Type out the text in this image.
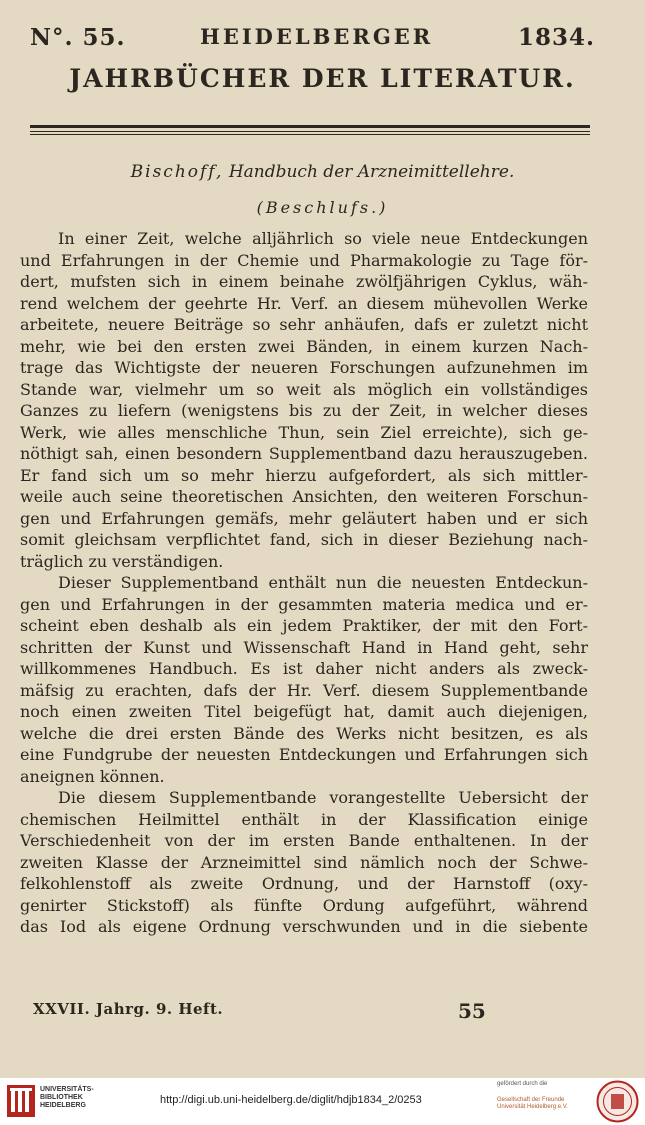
N°. 55.	HEIDELBERGER	1834.
JAHRBÜCHER DER LITERATUR.
Bischoff, Handbuch der Arzneimittellehre.
(Beschlufs.)
In einer Zeit, welche alljährlich so viele neue Entdeckungen
und Erfahrungen in der Chemie und Pharmakologie zu Tage för-
dert, mufsten sich in einem beinahe zwölfjährigen Cyklus, wäh-
rend welchem der geehrte Hr. Verf. an diesem mühevollen Werke
arbeitete, neuere Beiträge so sehr anhäufen, dafs er zuletzt nicht
mehr, wie bei den ersten zwei Bänden, in einem kurzen Nach-
trage das Wichtigste der neueren Forschungen aufzunehmen im
Stande war, vielmehr um so weit als möglich ein vollständiges
Ganzes zu liefern (wenigstens bis zu der Zeit, in welcher dieses
Werk, wie alles menschliche Thun, sein Ziel erreichte), sich ge-
nöthigt sah, einen besondern Supplementband dazu herauszugeben.
Er fand sich um so mehr hierzu aufgefordert, als sich mittler-
weile auch seine theoretischen Ansichten, den weiteren Forschun-
gen und Erfahrungen gemäfs, mehr geläutert haben und er sich
somit gleichsam verpflichtet fand, sich in dieser Beziehung nach-
träglich zu verständigen.
Dieser Supplementband enthält nun die neuesten Entdeckun-
gen und Erfahrungen in der gesammten materia medica und er-
scheint eben deshalb als ein jedem Praktiker, der mit den Fort-
schritten der Kunst und Wissenschaft Hand in Hand geht, sehr
willkommenes Handbuch. Es ist daher nicht anders als zweck-
mäfsig zu erachten, dafs der Hr. Verf. diesem Supplementbande
noch einen zweiten Titel beigefügt hat, damit auch diejenigen,
welche die drei ersten Bände des Werks nicht besitzen, es als
eine Fundgrube der neuesten Entdeckungen und Erfahrungen sich
aneignen können.
Die diesem Supplementbande vorangestellte Uebersicht der
chemischen Heilmittel enthält in der Klassification einige
Verschiedenheit von der im ersten Bande enthaltenen. In der
zweiten Klasse der Arzneimittel sind nämlich noch der Schwe-
felkohlenstoff als zweite Ordnung, und der Harnstoff (oxy-
genirter Stickstoff) als fünfte Ordung aufgeführt, während
das Iod als eigene Ordnung verschwunden und in die siebente
XXVII. Jahrg. 9. Heft.	55
UNIVERSITÄTS-
BIBLIOTHEK
HEIDELBERG	http://digi.ub.uni-heidelberg.de/diglit/hdjb1834_2/0253
gefördert durch die
Gesellschaft der Freunde
Universität Heidelberg e.V.
